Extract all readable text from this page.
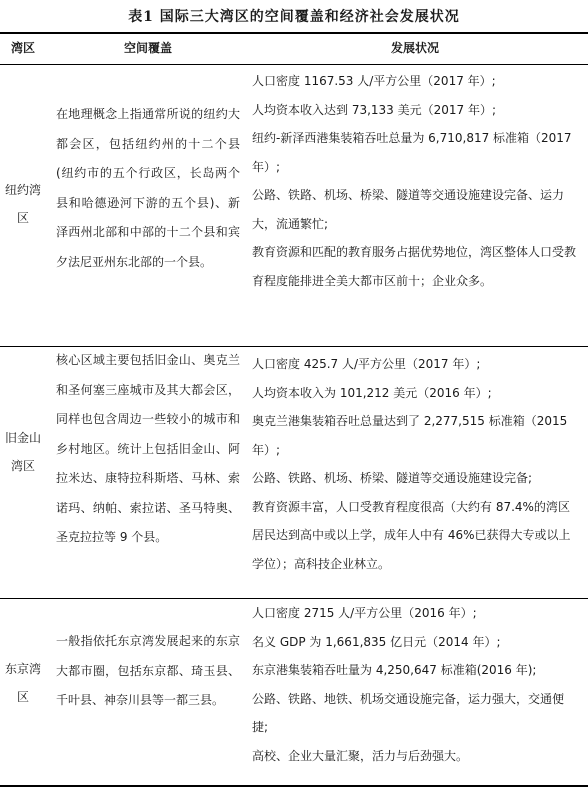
表1 国际三大湾区的空间覆盖和经济社会发展状况
湾区	空间覆盖	发展状况
纽约湾区
在地理概念上指通常所说的纽约大都会区，包括纽约州的十二个县(纽约市的五个行政区，长岛两个县和哈德逊河下游的五个县)、新泽西州北部和中部的十二个县和宾夕法尼亚州东北部的一个县。
人口密度 1167.53 人/平方公里（2017 年）;
人均资本收入达到 73,133 美元（2017 年）;
纽约-新泽西港集装箱吞吐总量为 6,710,817 标准箱（2017 年）;
公路、铁路、机场、桥梁、隧道等交通设施建设完备、运力大，流通繁忙;
教育资源和匹配的教育服务占据优势地位，湾区整体人口受教育程度能排进全美大都市区前十；企业众多。
旧金山湾区
核心区域主要包括旧金山、奥克兰和圣何塞三座城市及其大都会区，同样也包含周边一些较小的城市和乡村地区。统计上包括旧金山、阿拉米达、康特拉科斯塔、马林、索诺玛、纳帕、索拉诺、圣马特奥、圣克拉拉等 9 个县。
人口密度 425.7 人/平方公里（2017 年）;
人均资本收入为 101,212 美元（2016 年）;
奥克兰港集装箱吞吐总量达到了 2,277,515 标准箱（2015 年）;
公路、铁路、机场、桥梁、隧道等交通设施建设完备;
教育资源丰富，人口受教育程度很高（大约有 87.4%的湾区居民达到高中或以上学，成年人中有 46%已获得大专或以上学位）；高科技企业林立。
东京湾区
一般指依托东京湾发展起来的东京大都市圈，包括东京都、琦玉县、千叶县、神奈川县等一都三县。
人口密度 2715 人/平方公里（2016 年）;
名义 GDP 为 1,661,835 亿日元（2014 年）;
东京港集装箱吞吐量为 4,250,647 标准箱(2016 年);
公路、铁路、地铁、机场交通设施完备，运力强大，交通便捷;
高校、企业大量汇聚，活力与后劲强大。
